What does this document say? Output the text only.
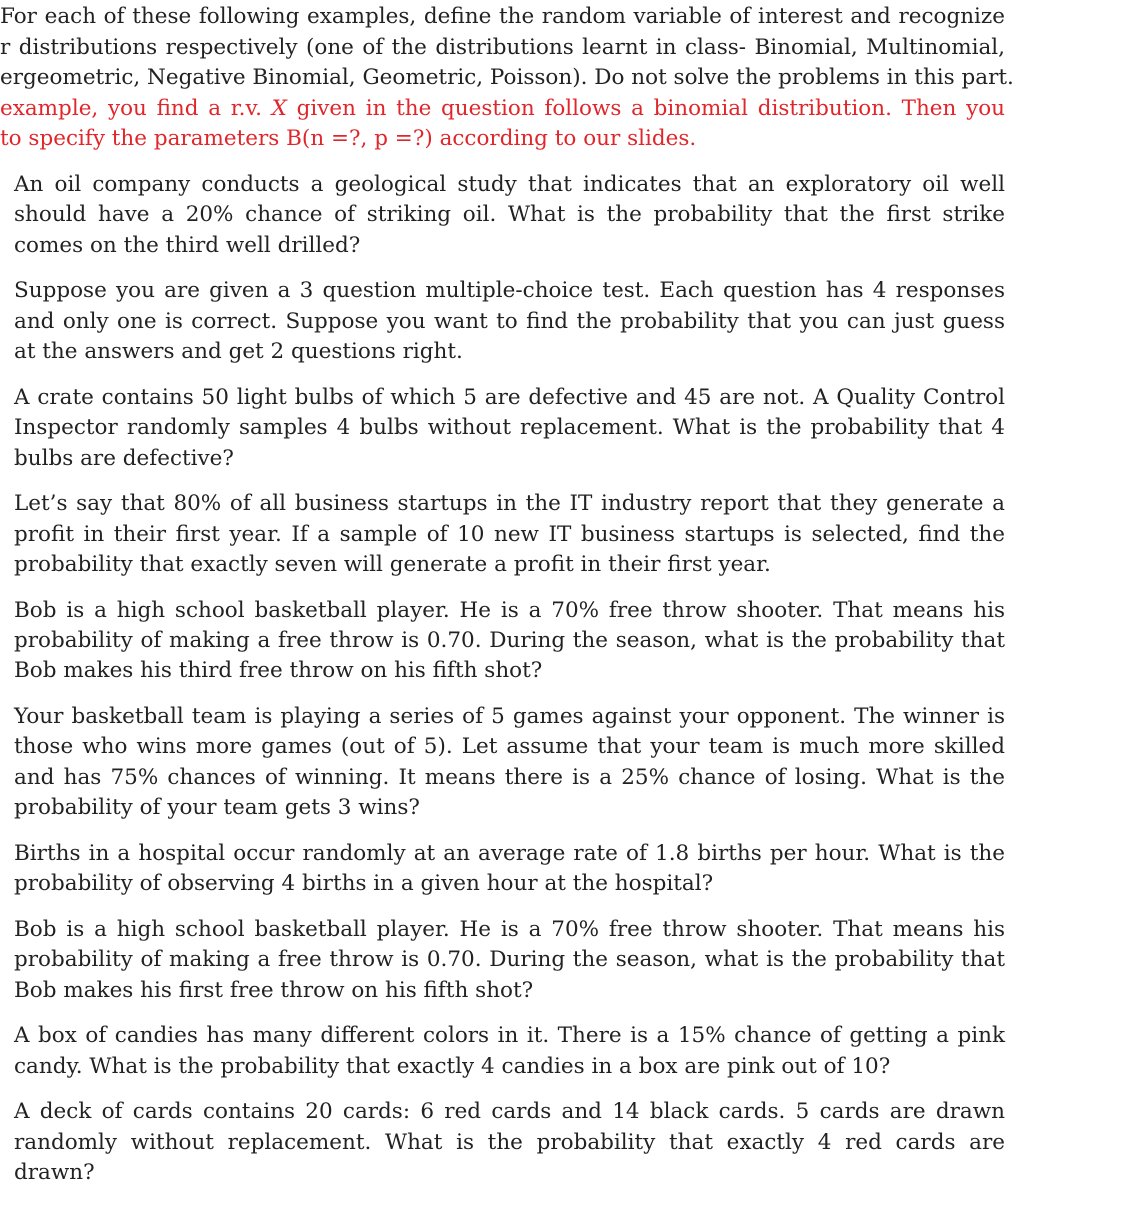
For each of these following examples, define the random variable of interest and recognize
r distributions respectively (one of the distributions learnt in class- Binomial, Multinomial,
ergeometric, Negative Binomial, Geometric, Poisson). Do not solve the problems in this part.
example, you find a r.v. X given in the question follows a binomial distribution. Then you
to specify the parameters B(n =?, p =?) according to our slides.

An oil company conducts a geological study that indicates that an exploratory oil well should have a 20% chance of striking oil. What is the probability that the first strike comes on the third well drilled?

Suppose you are given a 3 question multiple-choice test. Each question has 4 responses and only one is correct. Suppose you want to find the probability that you can just guess at the answers and get 2 questions right.

A crate contains 50 light bulbs of which 5 are defective and 45 are not. A Quality Control Inspector randomly samples 4 bulbs without replacement. What is the probability that 4 bulbs are defective?

Let’s say that 80% of all business startups in the IT industry report that they generate a profit in their first year. If a sample of 10 new IT business startups is selected, find the probability that exactly seven will generate a profit in their first year.

Bob is a high school basketball player. He is a 70% free throw shooter. That means his probability of making a free throw is 0.70. During the season, what is the probability that Bob makes his third free throw on his fifth shot?

Your basketball team is playing a series of 5 games against your opponent. The winner is those who wins more games (out of 5). Let assume that your team is much more skilled and has 75% chances of winning. It means there is a 25% chance of losing. What is the probability of your team gets 3 wins?

Births in a hospital occur randomly at an average rate of 1.8 births per hour. What is the probability of observing 4 births in a given hour at the hospital?

Bob is a high school basketball player. He is a 70% free throw shooter. That means his probability of making a free throw is 0.70. During the season, what is the probability that Bob makes his first free throw on his fifth shot?

A box of candies has many different colors in it. There is a 15% chance of getting a pink candy. What is the probability that exactly 4 candies in a box are pink out of 10?

A deck of cards contains 20 cards: 6 red cards and 14 black cards. 5 cards are drawn randomly without replacement. What is the probability that exactly 4 red cards are drawn?
